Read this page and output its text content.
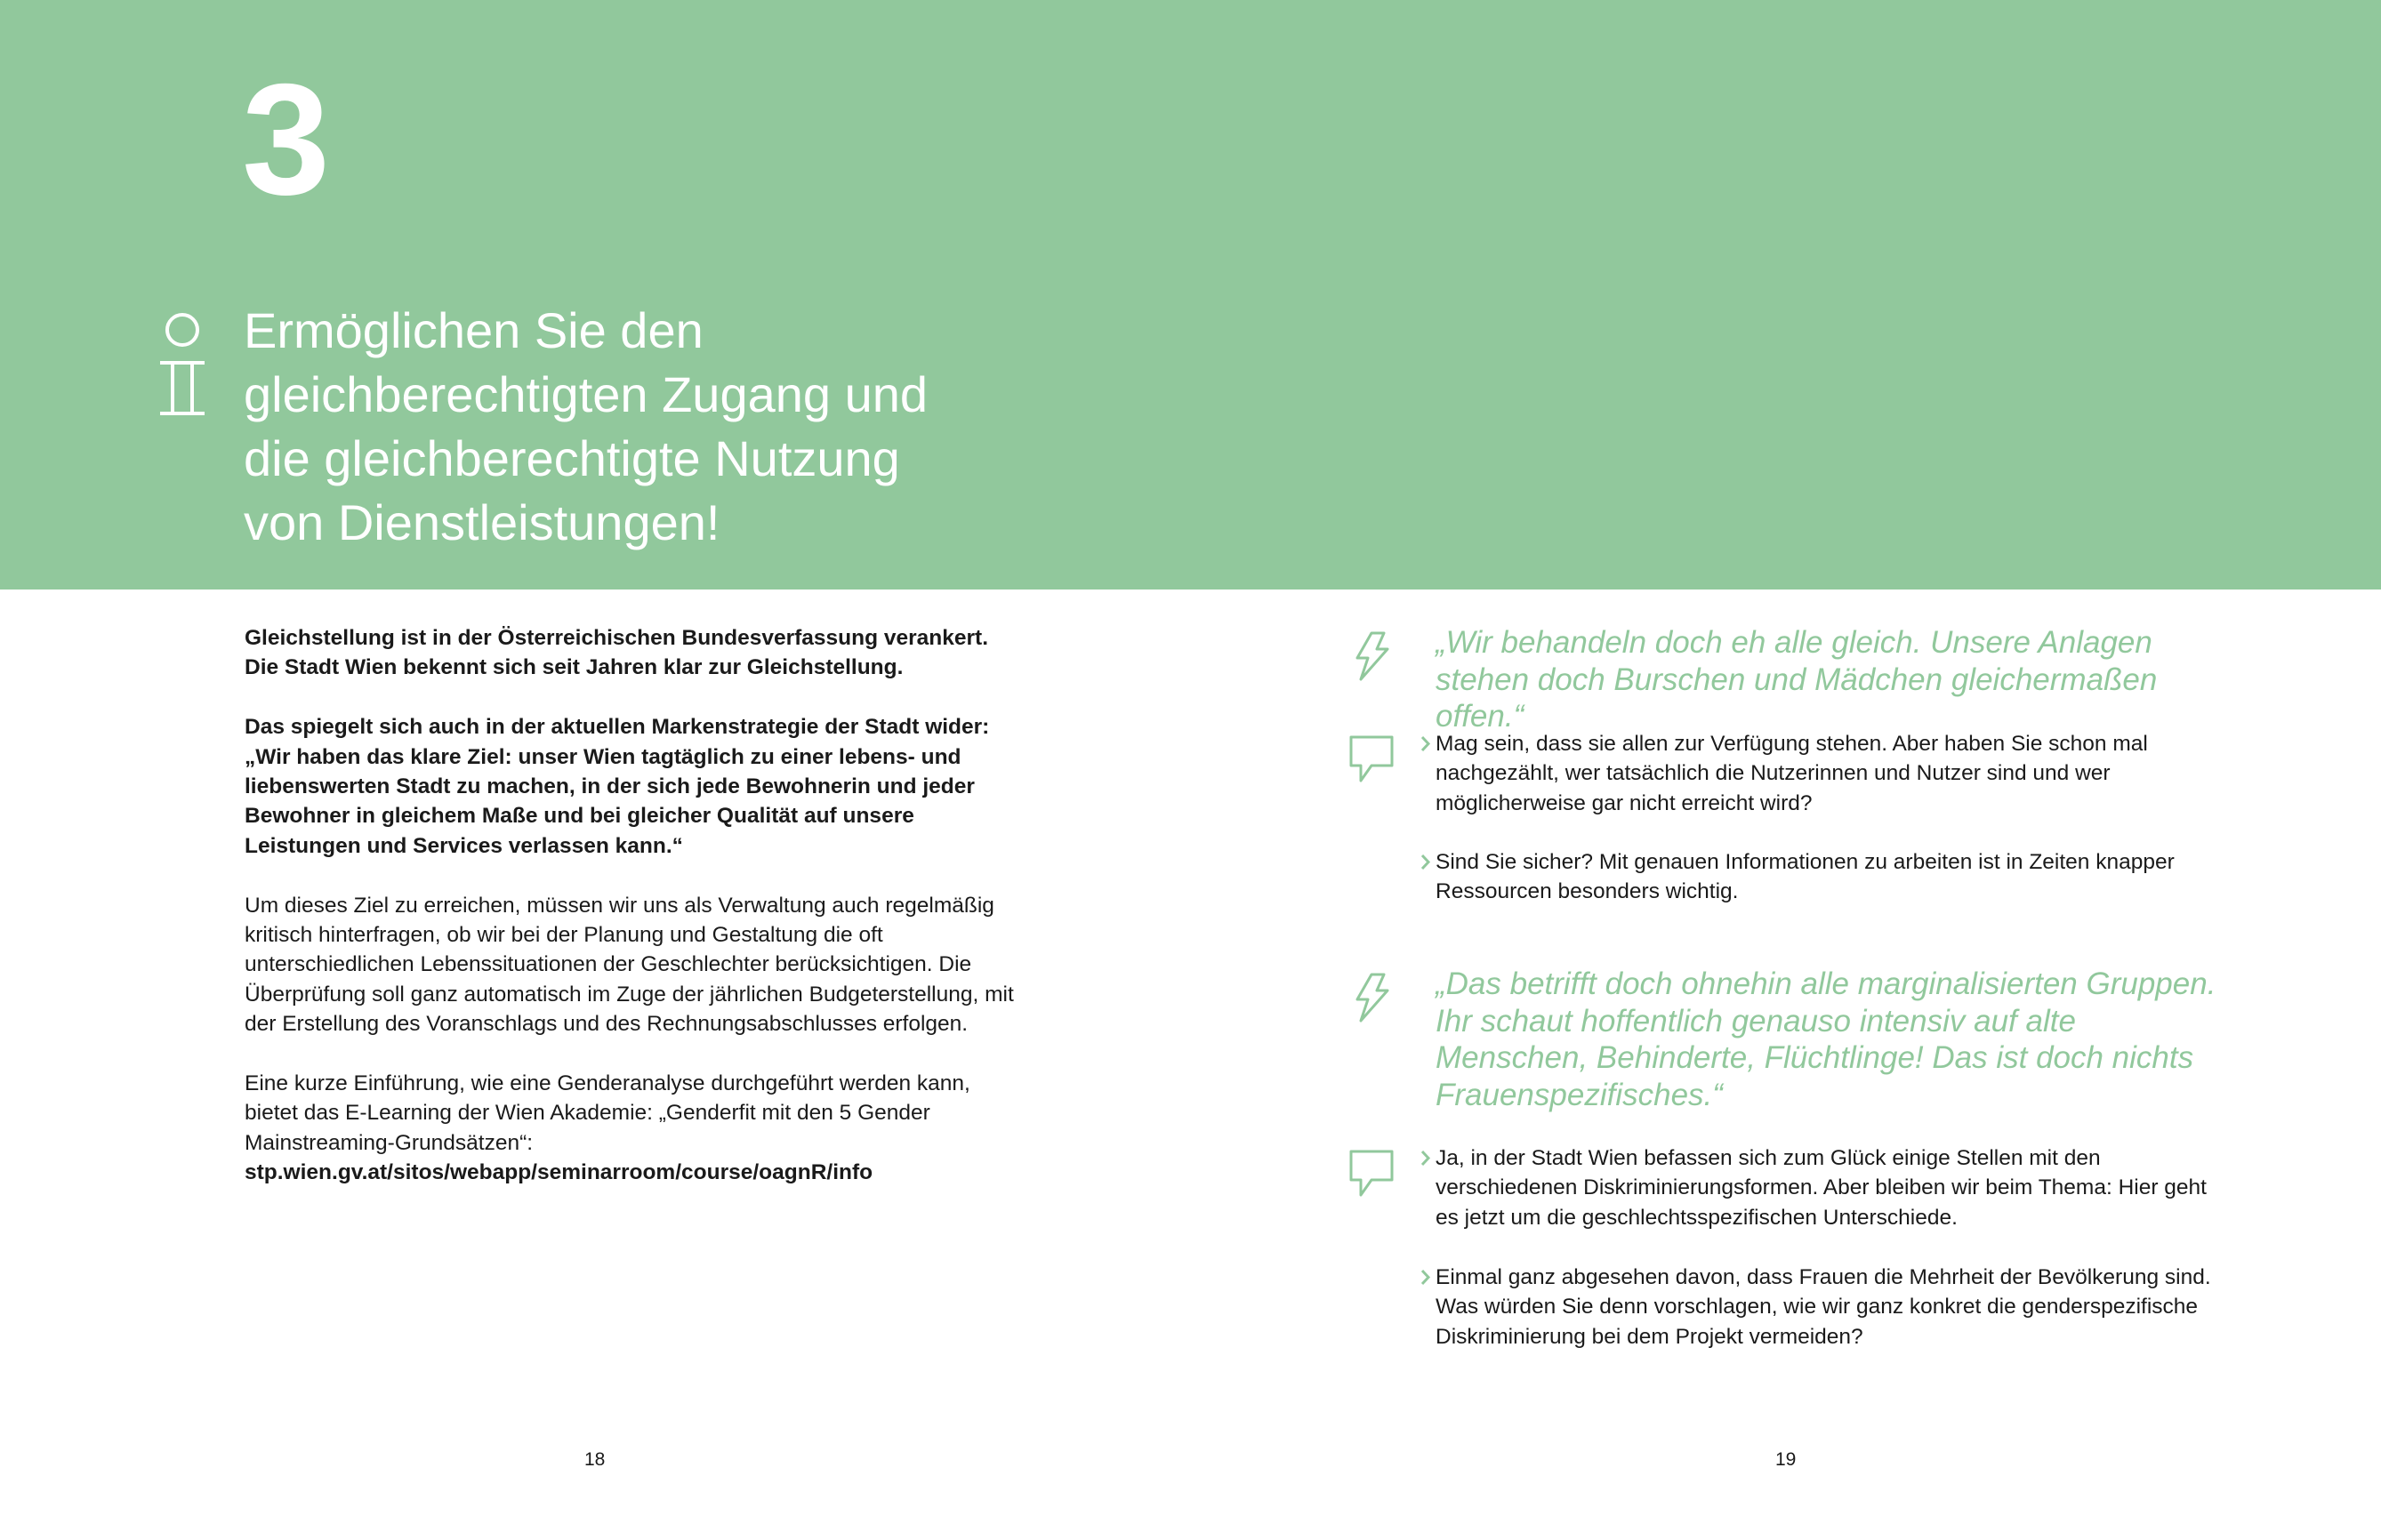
3
Ermöglichen Sie den
gleichberechtigten Zugang und
die gleichberechtigte Nutzung
von Dienstleistungen!

Gleichstellung ist in der Österreichischen Bundesverfassung verankert. Die Stadt Wien bekennt sich seit Jahren klar zur Gleichstellung.

Das spiegelt sich auch in der aktuellen Markenstrategie der Stadt wider: „Wir haben das klare Ziel: unser Wien tagtäglich zu einer lebens- und liebenswerten Stadt zu machen, in der sich jede Bewohnerin und jeder Bewohner in gleichem Maße und bei gleicher Qualität auf unsere Leistungen und Services verlassen kann.“

Um dieses Ziel zu erreichen, müssen wir uns als Verwaltung auch regelmäßig kritisch hinterfragen, ob wir bei der Planung und Gestaltung die oft unterschiedlichen Lebenssituationen der Geschlechter berücksichtigen. Die Überprüfung soll ganz automatisch im Zuge der jährlichen Budgeterstellung, mit der Erstellung des Voranschlags und des Rechnungsabschlusses erfolgen.

Eine kurze Einführung, wie eine Genderanalyse durchgeführt werden kann, bietet das E-Learning der Wien Akademie: „Genderfit mit den 5 Gender Mainstreaming-Grundsätzen“: stp.wien.gv.at/sitos/webapp/seminarroom/course/oagnR/info

18

„Wir behandeln doch eh alle gleich. Unsere Anlagen stehen doch Burschen und Mädchen gleichermaßen offen.“

Mag sein, dass sie allen zur Verfügung stehen. Aber haben Sie schon mal nachgezählt, wer tatsächlich die Nutzerinnen und Nutzer sind und wer möglicherweise gar nicht erreicht wird?
Sind Sie sicher? Mit genauen Informationen zu arbeiten ist in Zeiten knapper Ressourcen besonders wichtig.

„Das betrifft doch ohnehin alle marginalisierten Gruppen. Ihr schaut hoffentlich genauso intensiv auf alte Menschen, Behinderte, Flüchtlinge! Das ist doch nichts Frauenspezifisches.“

Ja, in der Stadt Wien befassen sich zum Glück einige Stellen mit den verschiedenen Diskriminierungsformen. Aber bleiben wir beim Thema: Hier geht es jetzt um die geschlechtsspezifischen Unterschiede.
Einmal ganz abgesehen davon, dass Frauen die Mehrheit der Bevölkerung sind. Was würden Sie denn vorschlagen, wie wir ganz konkret die genderspezifische Diskriminierung bei dem Projekt vermeiden?
19
